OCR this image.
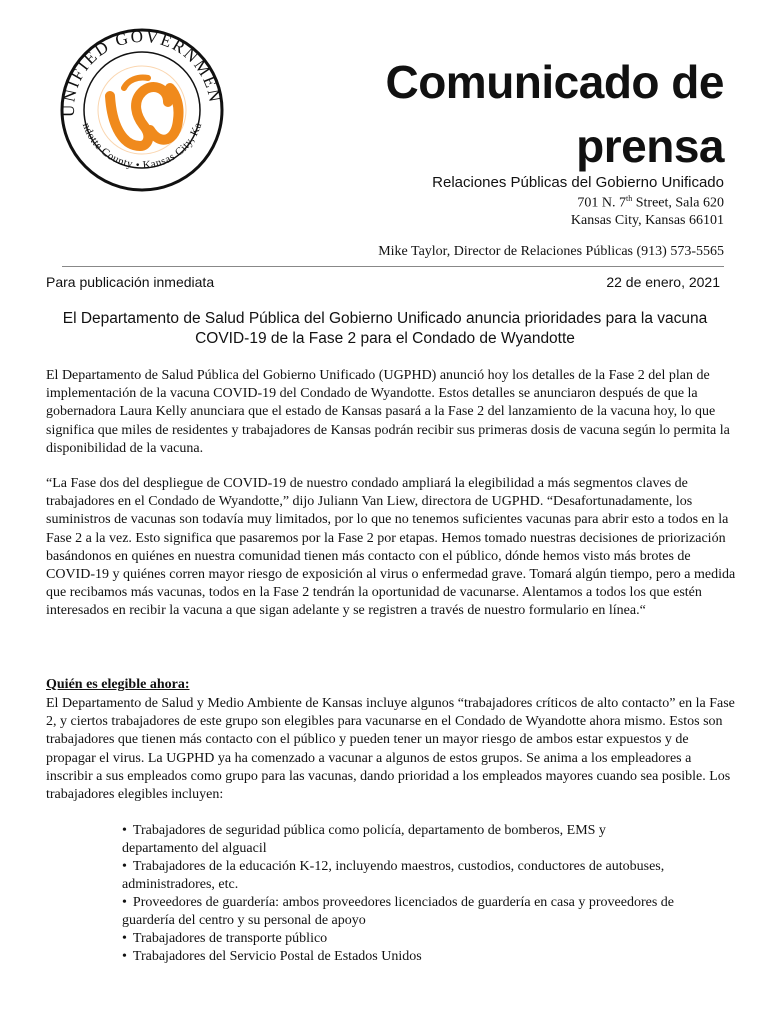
UNIFIED GOVERNMEN
ndotte County • Kansas City, Ka
Comunicado de
prensa
Relaciones Públicas del Gobierno Unificado
701 N. 7th Street, Sala 620
Kansas City, Kansas 66101
Mike Taylor, Director de Relaciones Públicas (913) 573-5565
Para publicación inmediata	22 de enero, 2021
El Departamento de Salud Pública del Gobierno Unificado anuncia prioridades para la vacuna COVID-19 de la Fase 2 para el Condado de Wyandotte
El Departamento de Salud Pública del Gobierno Unificado (UGPHD) anunció hoy los detalles de la Fase 2 del plan de implementación de la vacuna COVID-19 del Condado de Wyandotte. Estos detalles se anunciaron después de que la gobernadora Laura Kelly anunciara que el estado de Kansas pasará a la Fase 2 del lanzamiento de la vacuna hoy, lo que significa que miles de residentes y trabajadores de Kansas podrán recibir sus primeras dosis de vacuna según lo permita la disponibilidad de la vacuna.
“La Fase dos del despliegue de COVID-19 de nuestro condado ampliará la elegibilidad a más segmentos claves de trabajadores en el Condado de Wyandotte,” dijo Juliann Van Liew, directora de UGPHD. “Desafortunadamente, los suministros de vacunas son todavía muy limitados, por lo que no tenemos suficientes vacunas para abrir esto a todos en la Fase 2 a la vez. Esto significa que pasaremos por la Fase 2 por etapas. Hemos tomado nuestras decisiones de priorización basándonos en quiénes en nuestra comunidad tienen más contacto con el público, dónde hemos visto más brotes de COVID-19 y quiénes corren mayor riesgo de exposición al virus o enfermedad grave. Tomará algún tiempo, pero a medida que recibamos más vacunas, todos en la Fase 2 tendrán la oportunidad de vacunarse. Alentamos a todos los que estén interesados en recibir la vacuna a que sigan adelante y se registren a través de nuestro formulario en línea.“
Quién es elegible ahora:
El Departamento de Salud y Medio Ambiente de Kansas incluye algunos “trabajadores críticos de alto contacto” en la Fase 2, y ciertos trabajadores de este grupo son elegibles para vacunarse en el Condado de Wyandotte ahora mismo. Estos son trabajadores que tienen más contacto con el público y pueden tener un mayor riesgo de ambos estar expuestos y de propagar el virus. La UGPHD ya ha comenzado a vacunar a algunos de estos grupos. Se anima a los empleadores a inscribir a sus empleados como grupo para las vacunas, dando prioridad a los empleados mayores cuando sea posible. Los trabajadores elegibles incluyen:
• Trabajadores de seguridad pública como policía, departamento de bomberos, EMS y departamento del alguacil
• Trabajadores de la educación K-12, incluyendo maestros, custodios, conductores de autobuses, administradores, etc.
• Proveedores de guardería: ambos proveedores licenciados de guardería en casa y proveedores de guardería del centro y su personal de apoyo
• Trabajadores de transporte público
• Trabajadores del Servicio Postal de Estados Unidos
